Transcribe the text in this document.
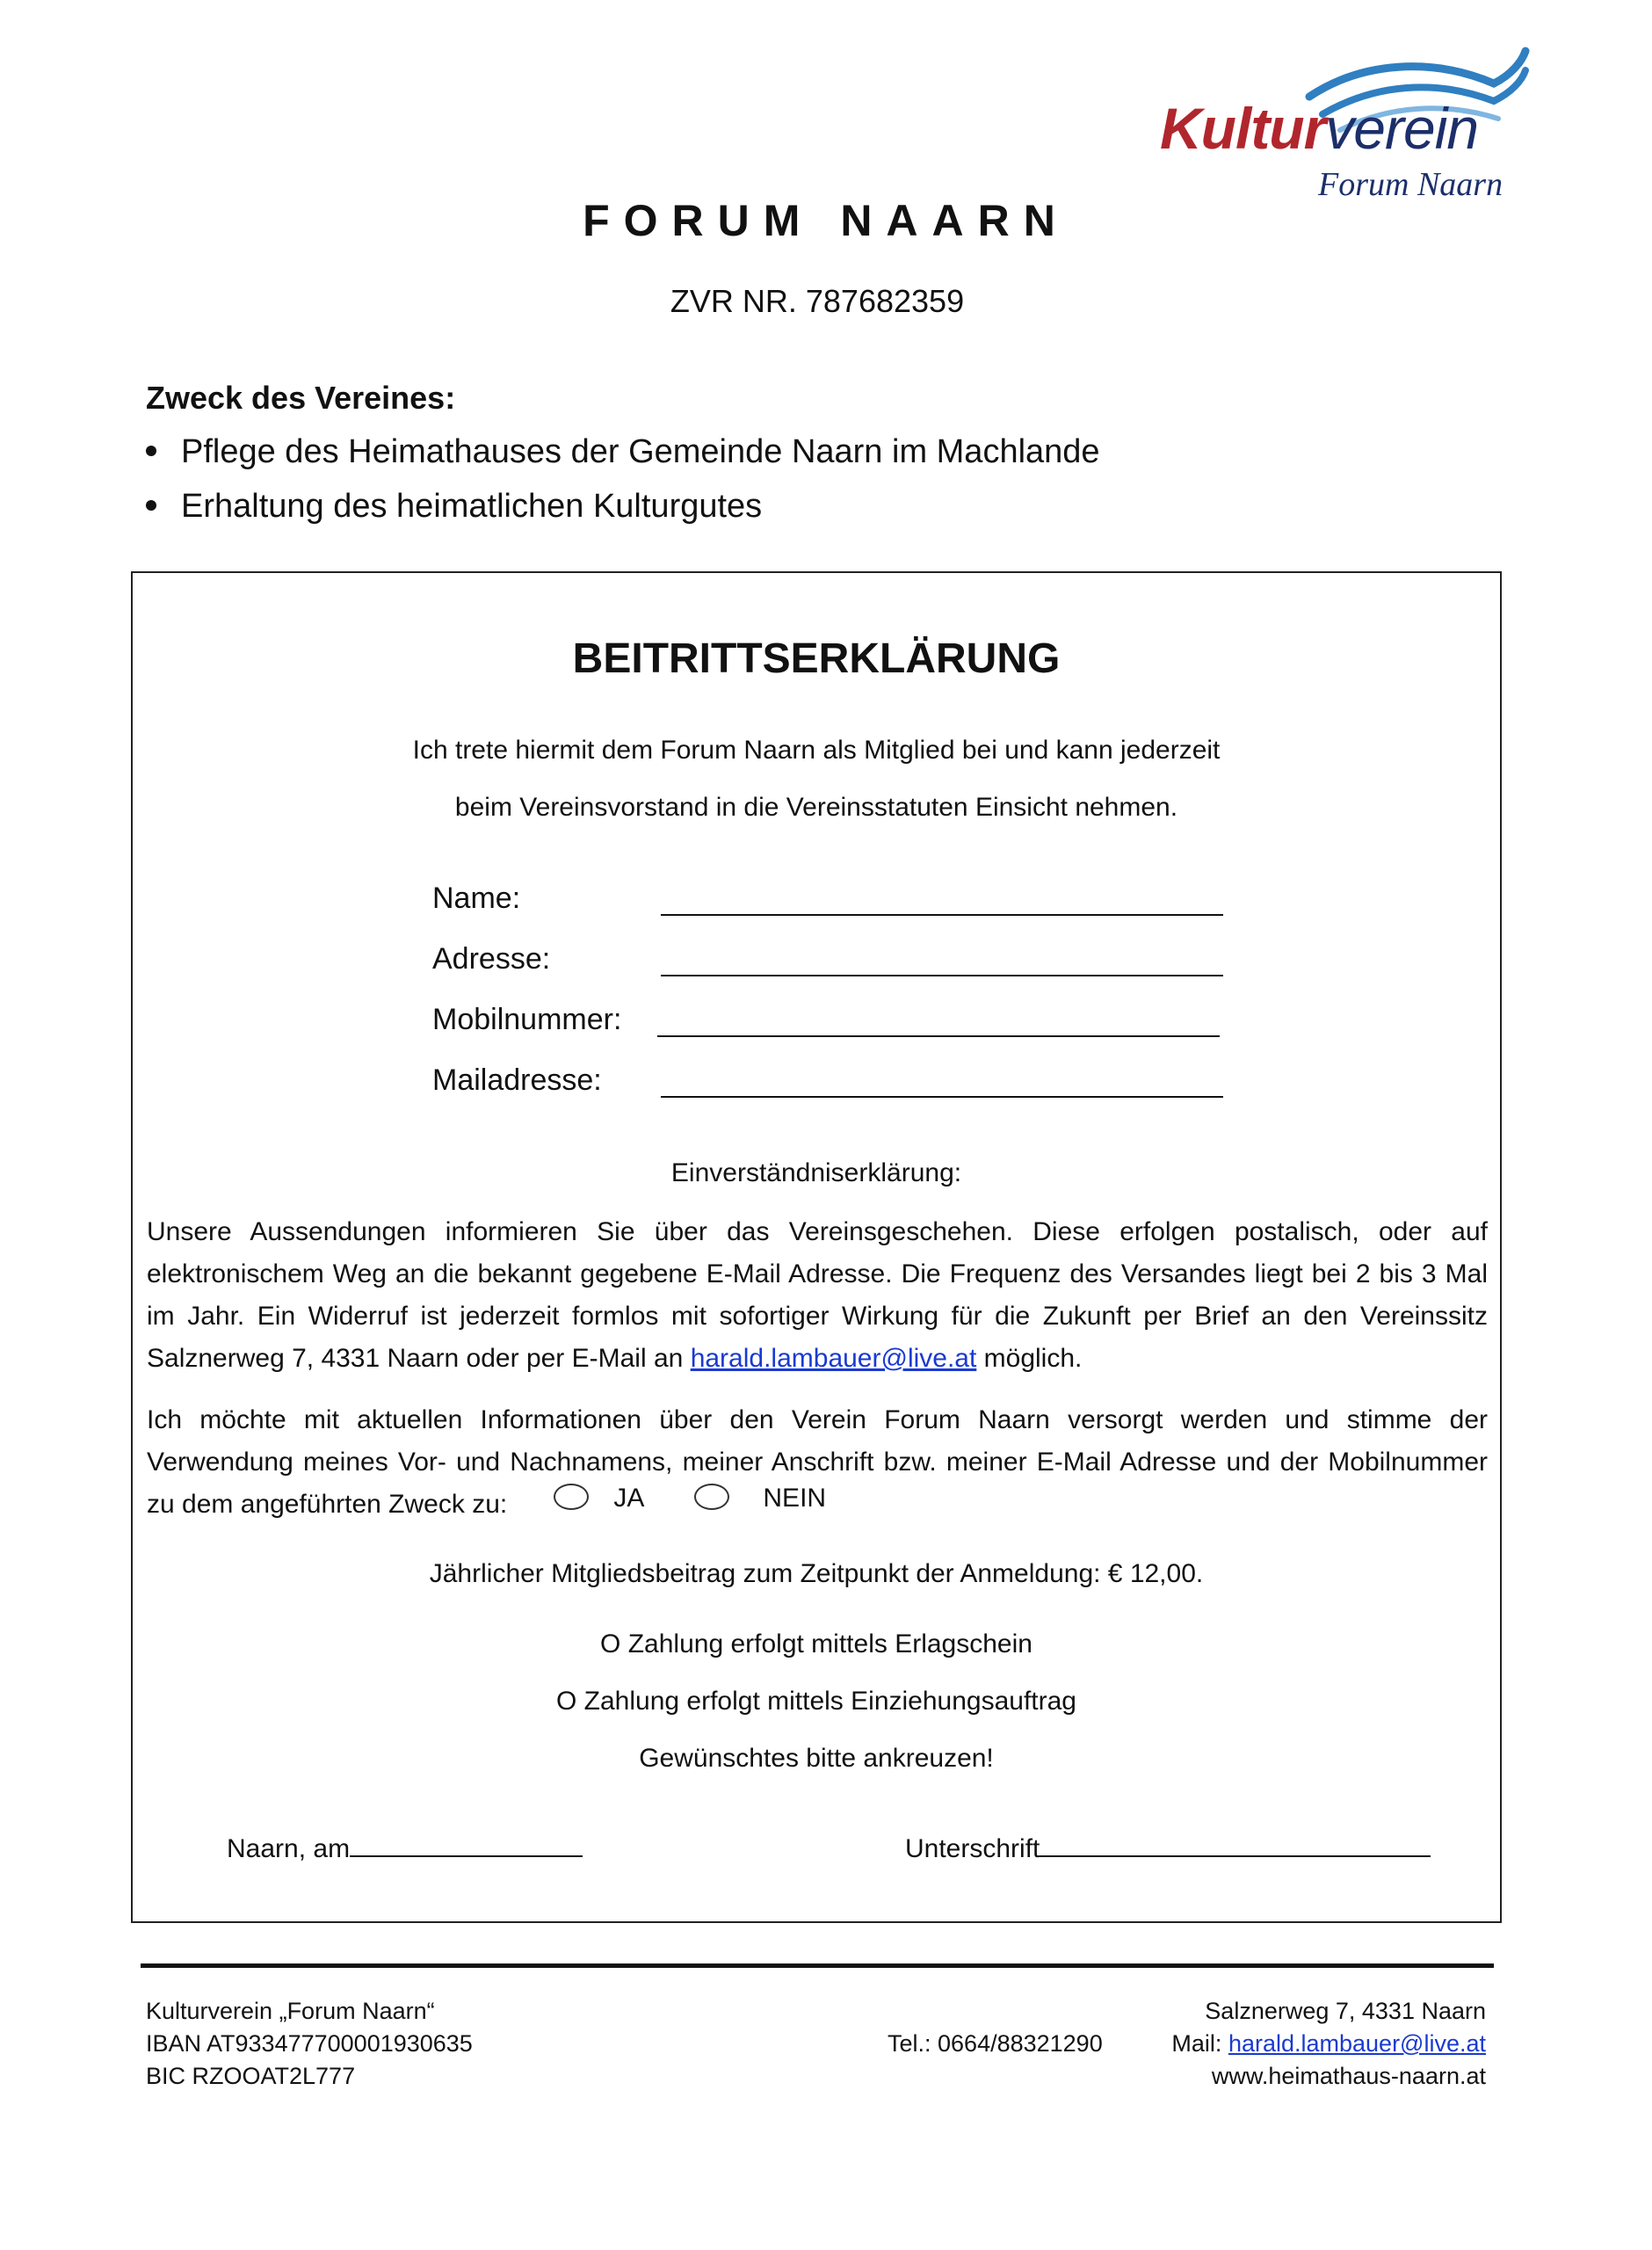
Kulturverein
Forum Naarn
FORUM NAARN
ZVR NR. 787682359
Zweck des Vereines:
Pflege des Heimathauses der Gemeinde Naarn im Machlande
Erhaltung des heimatlichen Kulturgutes
BEITRITTSERKLÄRUNG
Ich trete hiermit dem Forum Naarn als Mitglied bei und kann jederzeit
beim Vereinsvorstand in die Vereinsstatuten Einsicht nehmen.
Name:
Adresse:
Mobilnummer:
Mailadresse:
Einverständniserklärung:
Unsere Aussendungen informieren Sie über das Vereinsgeschehen. Diese erfolgen postalisch, oder auf elektronischem Weg an die bekannt gegebene E-Mail Adresse. Die Frequenz des Versandes liegt bei 2 bis 3 Mal im Jahr. Ein Widerruf ist jederzeit formlos mit sofortiger Wirkung für die Zukunft per Brief an den Vereinssitz Salznerweg 7, 4331 Naarn oder per E-Mail an harald.lambauer@live.at möglich.
Ich möchte mit aktuellen Informationen über den Verein Forum Naarn versorgt werden und stimme der Verwendung meines Vor- und Nachnamens, meiner Anschrift bzw. meiner E-Mail Adresse und der Mobilnummer zu dem angeführten Zweck zu:	JA	NEIN
Jährlicher Mitgliedsbeitrag zum Zeitpunkt der Anmeldung: € 12,00.
O Zahlung erfolgt mittels Erlagschein
O Zahlung erfolgt mittels Einziehungsauftrag
Gewünschtes bitte ankreuzen!
Naarn, am	Unterschrift
Kulturverein „Forum Naarn“
IBAN AT933477700001930635
BIC RZOOAT2L777
Tel.: 0664/88321290
Salznerweg 7, 4331 Naarn
Mail: harald.lambauer@live.at
www.heimathaus-naarn.at
